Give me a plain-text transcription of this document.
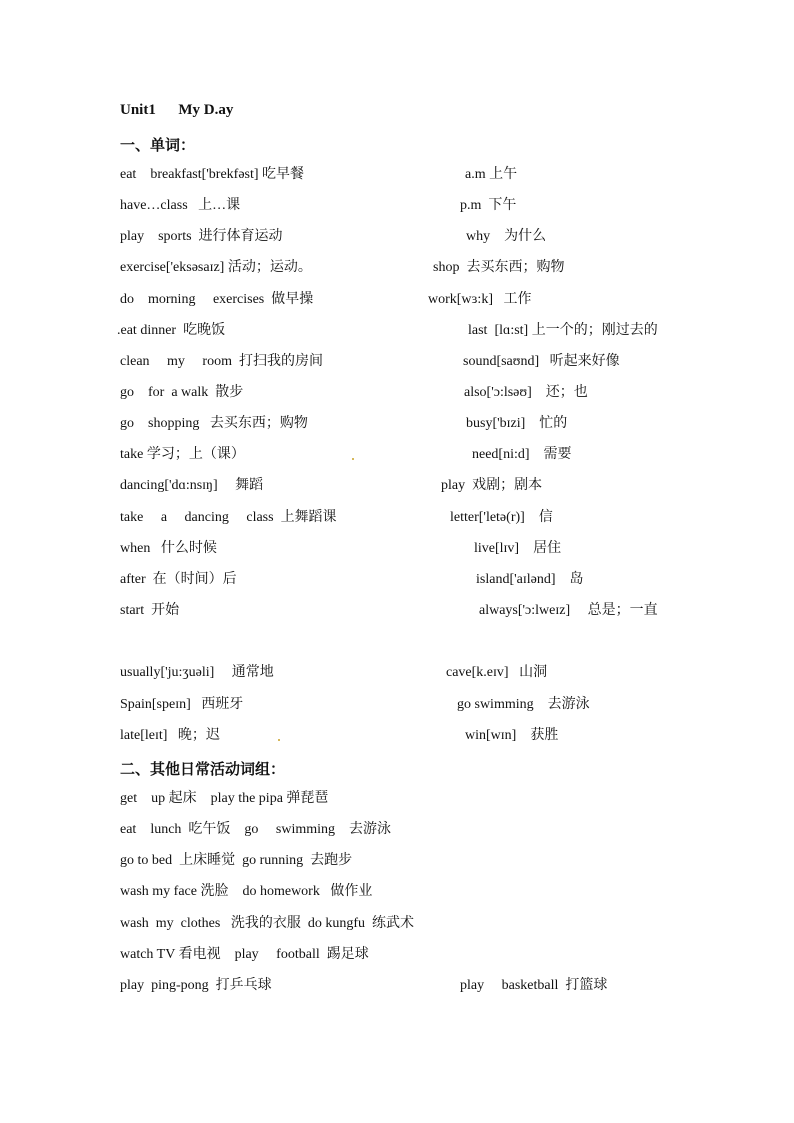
Unit1      My D.ay
一、单词：
eat    breakfast['brekfəst] 吃早餐	a.m 上午
have…class   上…课	p.m  下午
play    sports  进行体育运动	why    为什么
exercise['eksəsaɪz] 活动；运动。	shop  去买东西；购物
do    morning     exercises  做早操	work[wɜ:k]   工作
.eat dinner  吃晚饭	last  [lɑ:st] 上一个的；刚过去的
clean     my     room  打扫我的房间	sound[saʊnd]   听起来好像
go    for  a walk  散步	also['ɔ:lsəʊ]    还；也
go    shopping   去买东西；购物	busy['bɪzi]    忙的
take 学习；上（课）	need[ni:d]    需要
dancing['dɑ:nsɪŋ]     舞蹈	play  戏剧；剧本
take     a     dancing     class  上舞蹈课	letter['letə(r)]    信
when   什么时候	live[lɪv]    居住
after  在（时间）后	island['aɪlənd]    岛
start  开始	always['ɔ:lweɪz]     总是；一直
usually['ju:ʒuəli]     通常地	cave[k.eɪv]   山洞
Spain[speɪn]   西班牙	go swimming    去游泳
late[leɪt]   晚；迟	win[wɪn]    获胜
二、其他日常活动词组：
get    up 起床    play the pipa 弹琵琶
eat    lunch  吃午饭    go     swimming    去游泳
go to bed  上床睡觉  go running  去跑步
wash my face 洗脸    do homework   做作业
wash  my  clothes   洗我的衣服  do kungfu  练武术
watch TV 看电视    play     football  踢足球
play  ping-pong  打乒乓球	play     basketball  打篮球
